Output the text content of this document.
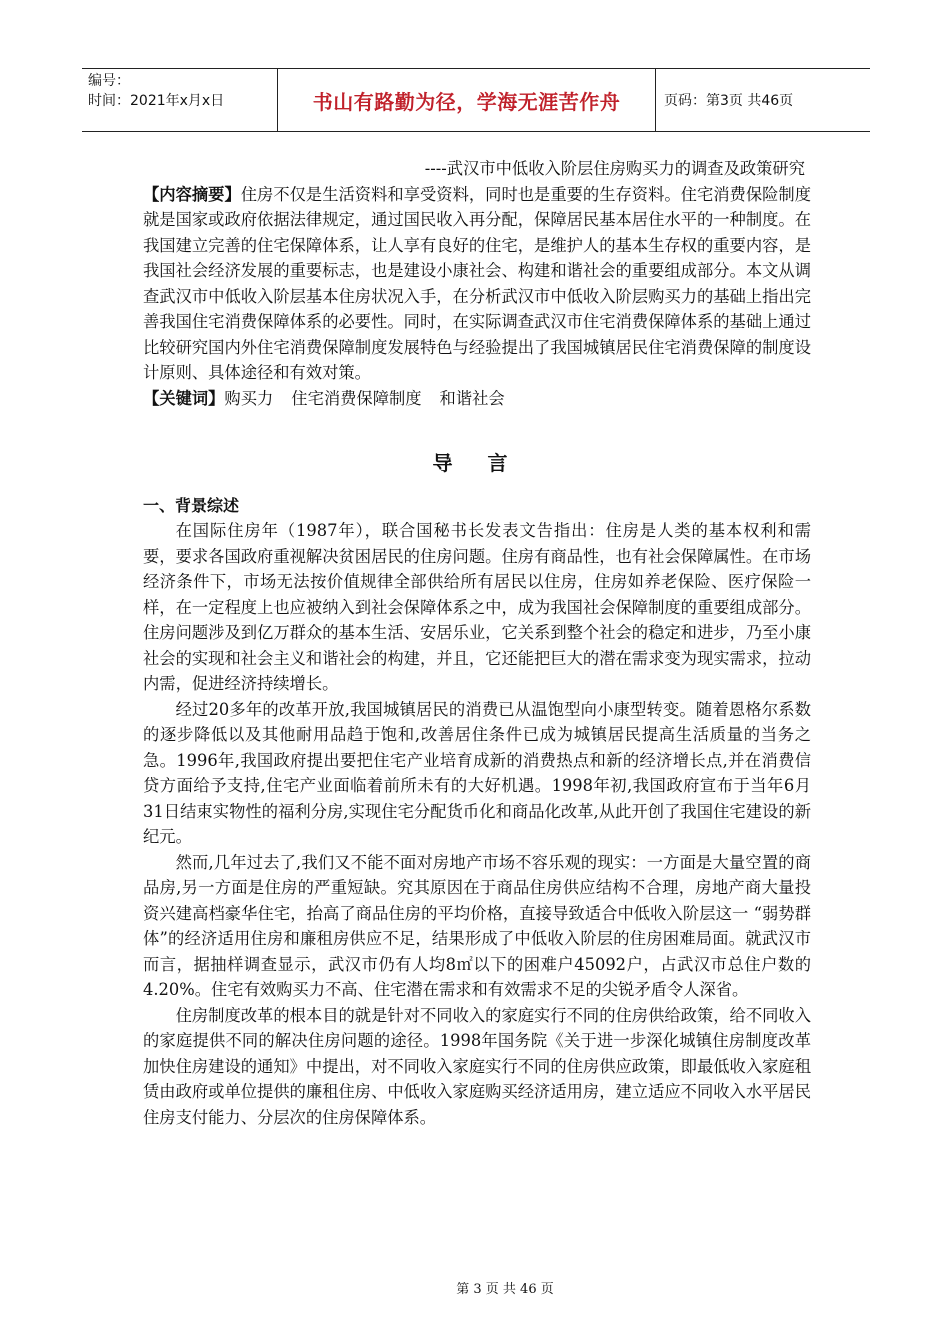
编号：
时间：2021年x月x日	书山有路勤为径，学海无涯苦作舟	页码：第3页 共46页

----武汉市中低收入阶层住房购买力的调查及政策研究

【内容摘要】住房不仅是生活资料和享受资料，同时也是重要的生存资料。住宅消费保险制度就是国家或政府依据法律规定，通过国民收入再分配，保障居民基本居住水平的一种制度。在我国建立完善的住宅保障体系，让人享有良好的住宅，是维护人的基本生存权的重要内容，是我国社会经济发展的重要标志，也是建设小康社会、构建和谐社会的重要组成部分。本文从调查武汉市中低收入阶层基本住房状况入手，在分析武汉市中低收入阶层购买力的基础上指出完善我国住宅消费保障体系的必要性。同时，在实际调查武汉市住宅消费保障体系的基础上通过比较研究国内外住宅消费保障制度发展特色与经验提出了我国城镇居民住宅消费保障的制度设计原则、具体途径和有效对策。

【关键词】购买力 住宅消费保障制度 和谐社会

导 言

一、背景综述

在国际住房年（1987年），联合国秘书长发表文告指出：住房是人类的基本权利和需要，要求各国政府重视解决贫困居民的住房问题。住房有商品性，也有社会保障属性。在市场经济条件下，市场无法按价值规律全部供给所有居民以住房，住房如养老保险、医疗保险一样，在一定程度上也应被纳入到社会保障体系之中，成为我国社会保障制度的重要组成部分。住房问题涉及到亿万群众的基本生活、安居乐业，它关系到整个社会的稳定和进步，乃至小康社会的实现和社会主义和谐社会的构建，并且，它还能把巨大的潜在需求变为现实需求，拉动内需，促进经济持续增长。

经过20多年的改革开放,我国城镇居民的消费已从温饱型向小康型转变。随着恩格尔系数的逐步降低以及其他耐用品趋于饱和,改善居住条件已成为城镇居民提高生活质量的当务之急。1996年,我国政府提出要把住宅产业培育成新的消费热点和新的经济增长点,并在消费信贷方面给予支持,住宅产业面临着前所未有的大好机遇。1998年初,我国政府宣布于当年6月31日结束实物性的福利分房,实现住宅分配货币化和商品化改革,从此开创了我国住宅建设的新纪元。

然而,几年过去了,我们又不能不面对房地产市场不容乐观的现实：一方面是大量空置的商品房,另一方面是住房的严重短缺。究其原因在于商品住房供应结构不合理，房地产商大量投资兴建高档豪华住宅，抬高了商品住房的平均价格，直接导致适合中低收入阶层这一 “弱势群体”的经济适用住房和廉租房供应不足，结果形成了中低收入阶层的住房困难局面。就武汉市而言，据抽样调查显示，武汉市仍有人均8㎡以下的困难户45092户，占武汉市总住户数的4.20%。住宅有效购买力不高、住宅潜在需求和有效需求不足的尖锐矛盾令人深省。

住房制度改革的根本目的就是针对不同收入的家庭实行不同的住房供给政策，给不同收入的家庭提供不同的解决住房问题的途径。1998年国务院《关于进一步深化城镇住房制度改革加快住房建设的通知》中提出，对不同收入家庭实行不同的住房供应政策，即最低收入家庭租赁由政府或单位提供的廉租住房、中低收入家庭购买经济适用房，建立适应不同收入水平居民住房支付能力、分层次的住房保障体系。

第 3 页 共 46 页
